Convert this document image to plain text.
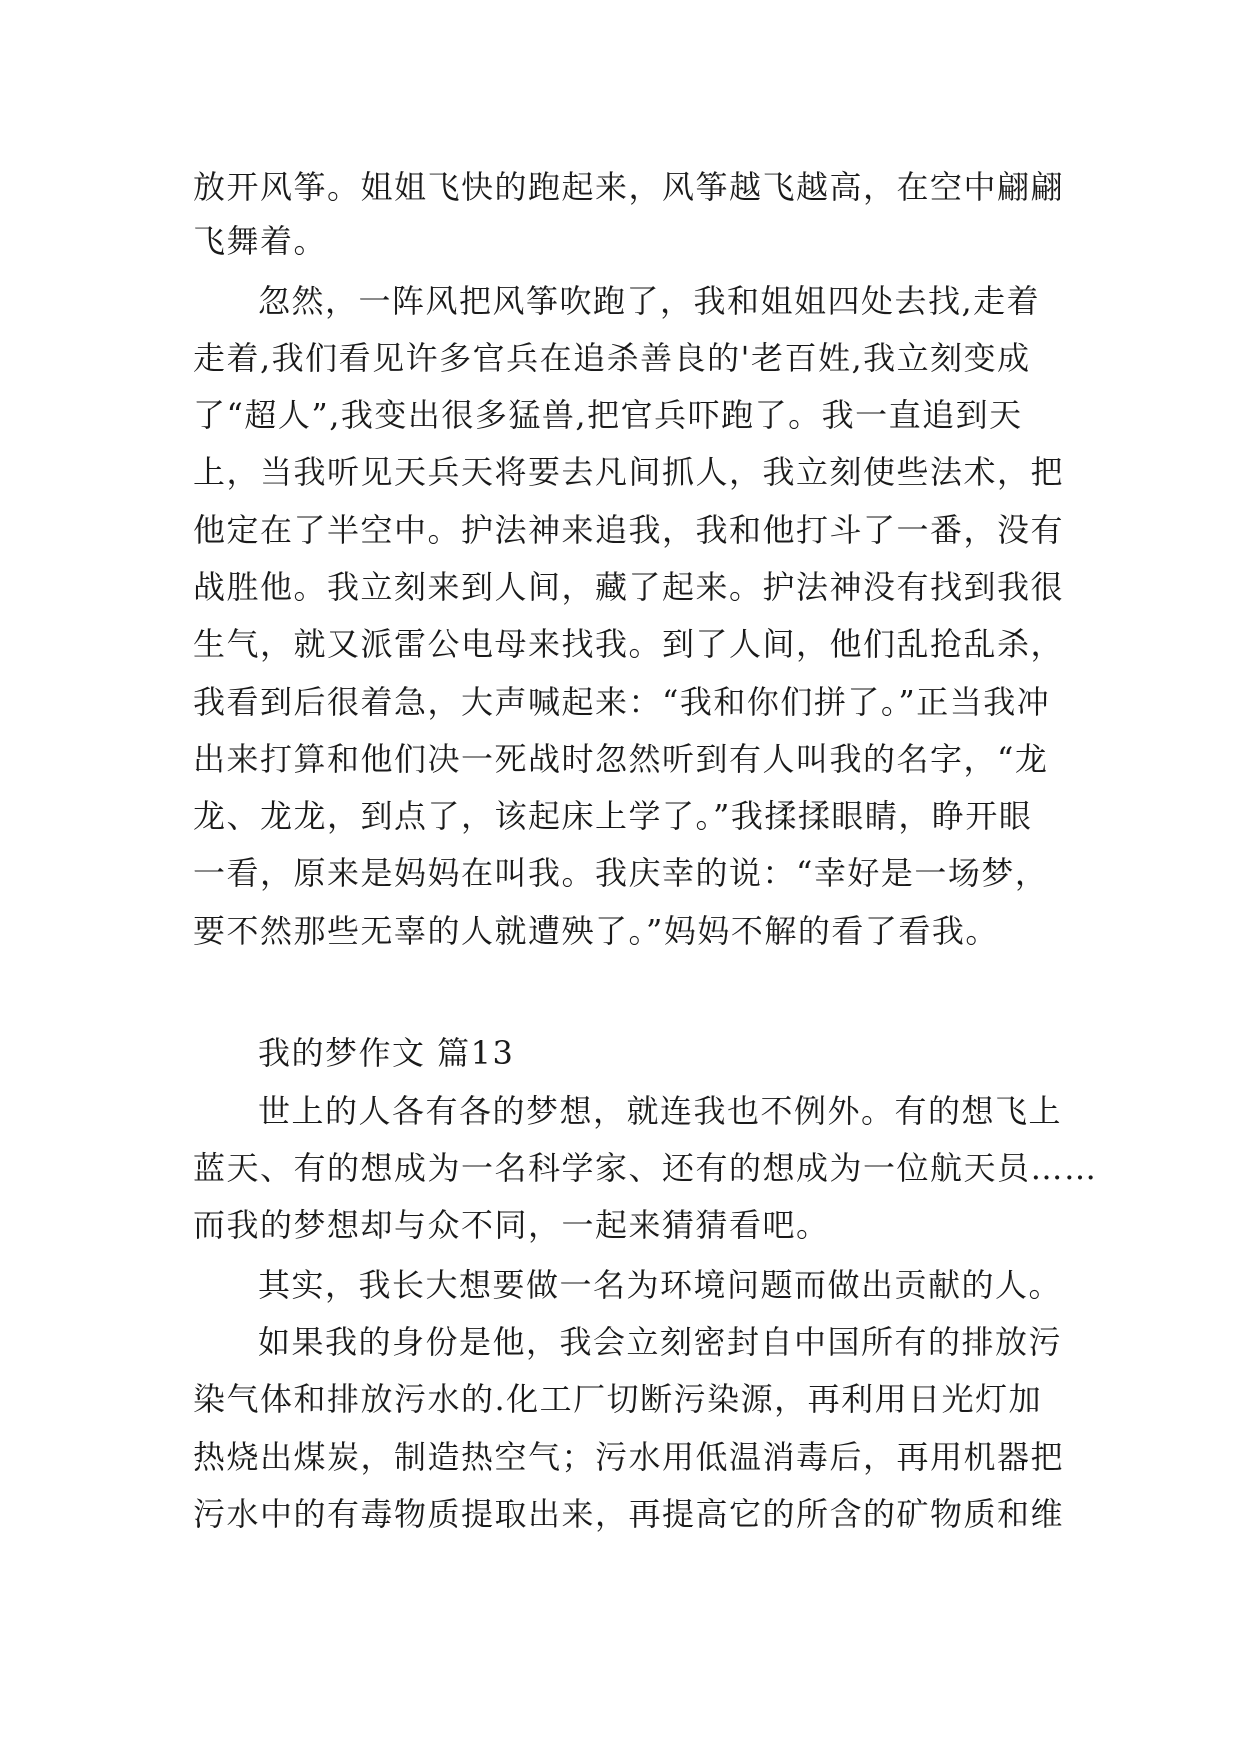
放开风筝。姐姐飞快的跑起来，风筝越飞越高，在空中翩翩
飞舞着。
忽然，一阵风把风筝吹跑了，我和姐姐四处去找,走着
走着,我们看见许多官兵在追杀善良的'老百姓,我立刻变成
了“超人”,我变出很多猛兽,把官兵吓跑了。我一直追到天
上，当我听见天兵天将要去凡间抓人，我立刻使些法术，把
他定在了半空中。护法神来追我，我和他打斗了一番，没有
战胜他。我立刻来到人间，藏了起来。护法神没有找到我很
生气，就又派雷公电母来找我。到了人间，他们乱抢乱杀，
我看到后很着急，大声喊起来：“我和你们拼了。”正当我冲
出来打算和他们决一死战时忽然听到有人叫我的名字，“龙
龙、龙龙，到点了，该起床上学了。”我揉揉眼睛，睁开眼
一看，原来是妈妈在叫我。我庆幸的说：“幸好是一场梦，
要不然那些无辜的人就遭殃了。”妈妈不解的看了看我。
我的梦作文 篇13
世上的人各有各的梦想，就连我也不例外。有的想飞上
蓝天、有的想成为一名科学家、还有的想成为一位航天员……
而我的梦想却与众不同，一起来猜猜看吧。
其实，我长大想要做一名为环境问题而做出贡献的人。
如果我的身份是他，我会立刻密封自中国所有的排放污
染气体和排放污水的.化工厂切断污染源，再利用日光灯加
热烧出煤炭，制造热空气；污水用低温消毒后，再用机器把
污水中的有毒物质提取出来，再提高它的所含的矿物质和维
